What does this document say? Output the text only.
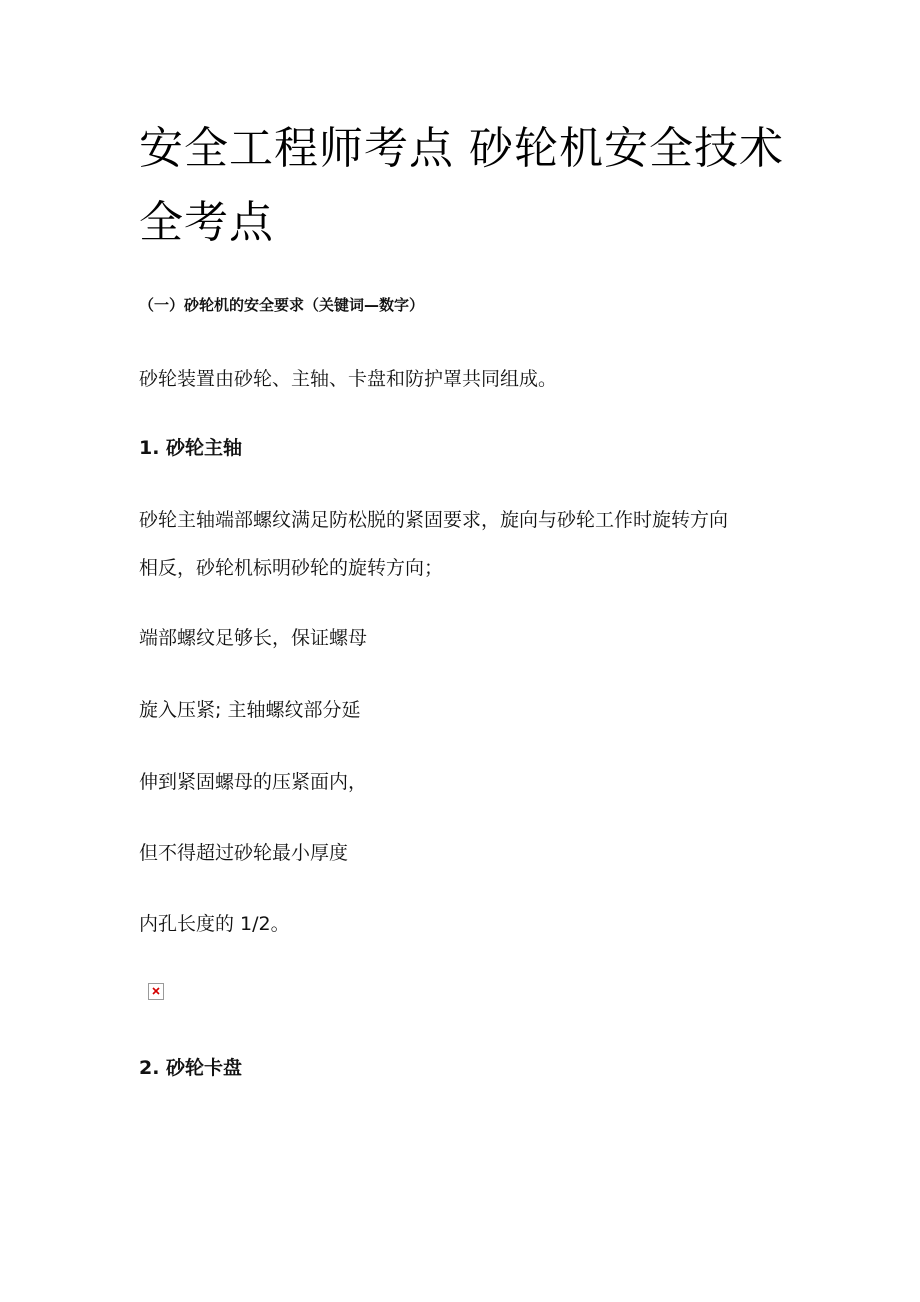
安全工程师考点 砂轮机安全技术全考点

（一）砂轮机的安全要求（关键词—数字）

砂轮装置由砂轮、主轴、卡盘和防护罩共同组成。

1. 砂轮主轴

砂轮主轴端部螺纹满足防松脱的紧固要求，旋向与砂轮工作时旋转方向

相反，砂轮机标明砂轮的旋转方向；

端部螺纹足够长，保证螺母

旋入压紧; 主轴螺纹部分延

伸到紧固螺母的压紧面内，

但不得超过砂轮最小厚度

内孔长度的 1/2。

2. 砂轮卡盘
